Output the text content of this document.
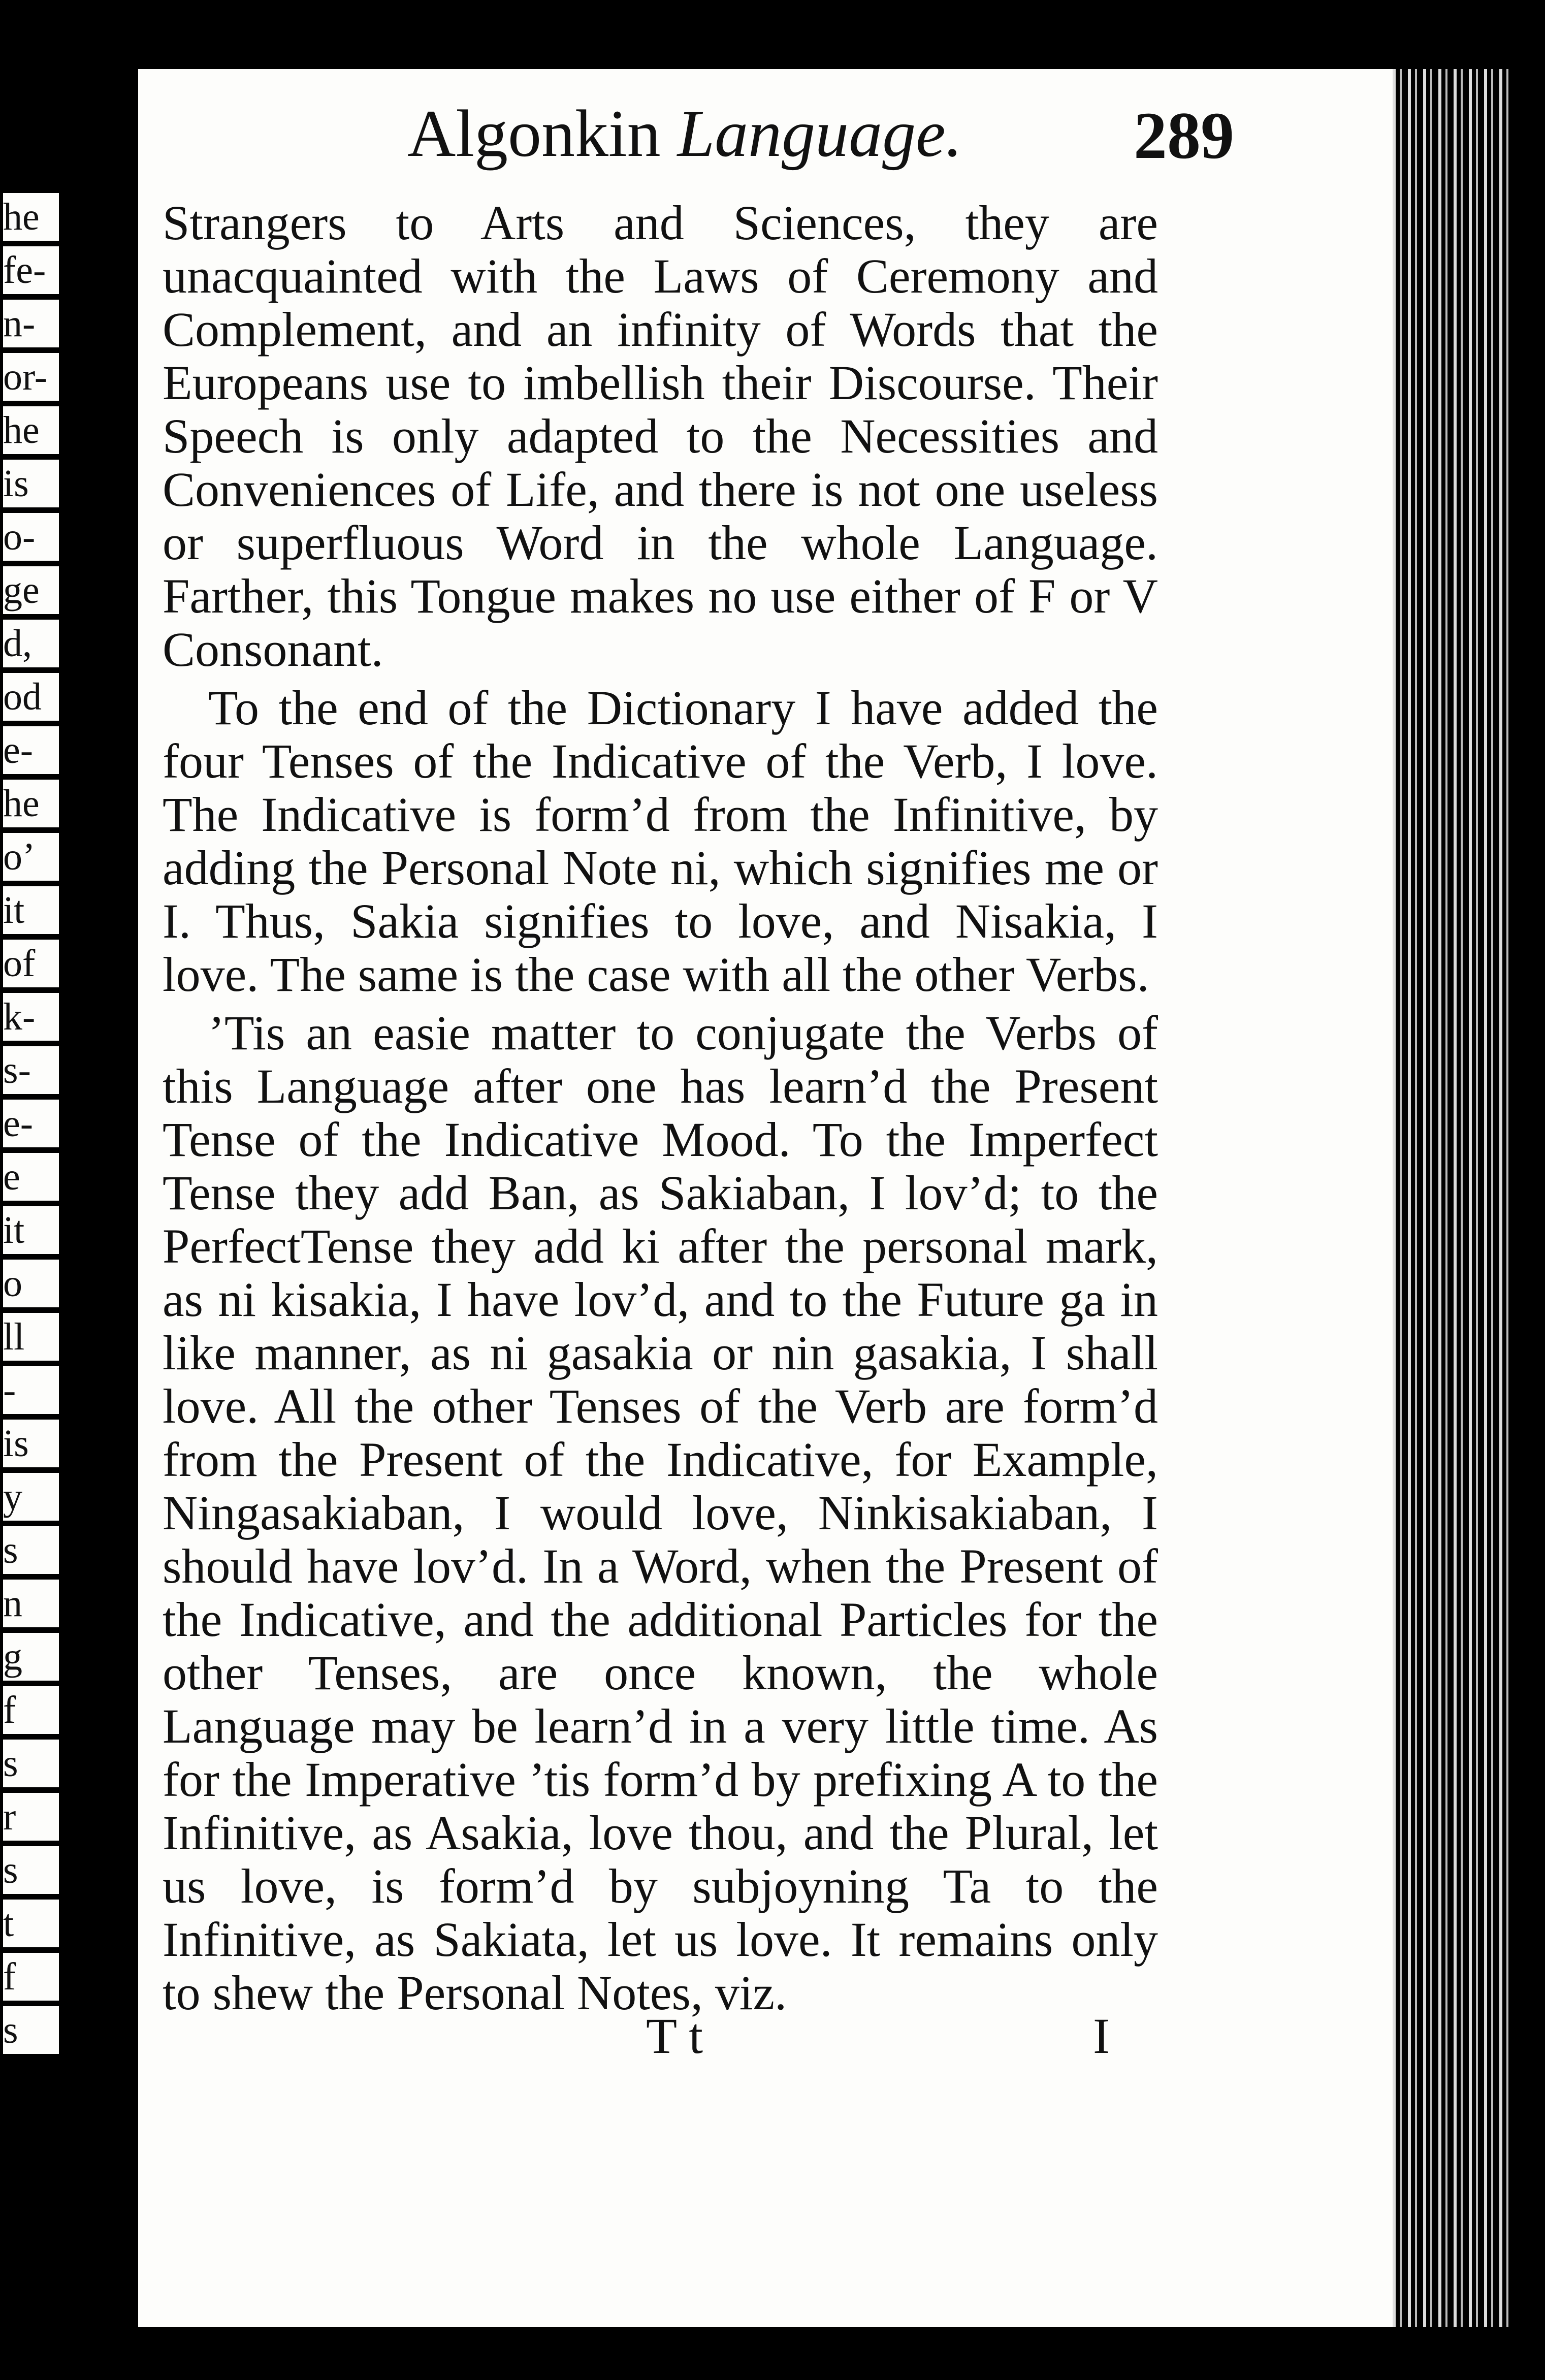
he
fe-
n-
or-
he
is
o-
ge
d,
od
e-
he
o’
it
of
k-
s-
e-
e
it
o
ll
-
is
y
s
n
g
f
s
r
s
t
f
s
Algonkin Language.	289

Strangers to Arts and Sciences, they are unacquainted with the Laws of Ceremony and Complement, and an infinity of Words that the Europeans use to imbellish their Discourse. Their Speech is only adapted to the Necessities and Conveniences of Life, and there is not one useless or superfluous Word in the whole Language. Farther, this Tongue makes no use either of F or V Consonant.

To the end of the Dictionary I have added the four Tenses of the Indicative of the Verb, I love. The Indicative is form’d from the Infinitive, by adding the Personal Note ni, which signifies me or I. Thus, Sakia signifies to love, and Nisakia, I love. The same is the case with all the other Verbs.

’Tis an easie matter to conjugate the Verbs of this Language after one has learn’d the Present Tense of the Indicative Mood. To the Imperfect Tense they add Ban, as Sakiaban, I lov’d; to the PerfectTense they add ki after the personal mark, as ni kisakia, I have lov’d, and to the Future ga in like manner, as ni gasakia or nin gasakia, I shall love. All the other Tenses of the Verb are form’d from the Present of the Indicative, for Example, Ningasakiaban, I would love, Ninkisakiaban, I should have lov’d. In a Word, when the Present of the Indicative, and the additional Particles for the other Tenses, are once known, the whole Language may be learn’d in a very little time. As for the Imperative ’tis form’d by prefixing A to the Infinitive, as Asakia, love thou, and the Plural, let us love, is form’d by subjoyning Ta to the Infinitive, as Sakiata, let us love. It remains only to shew the Personal Notes, viz.

T t	I
